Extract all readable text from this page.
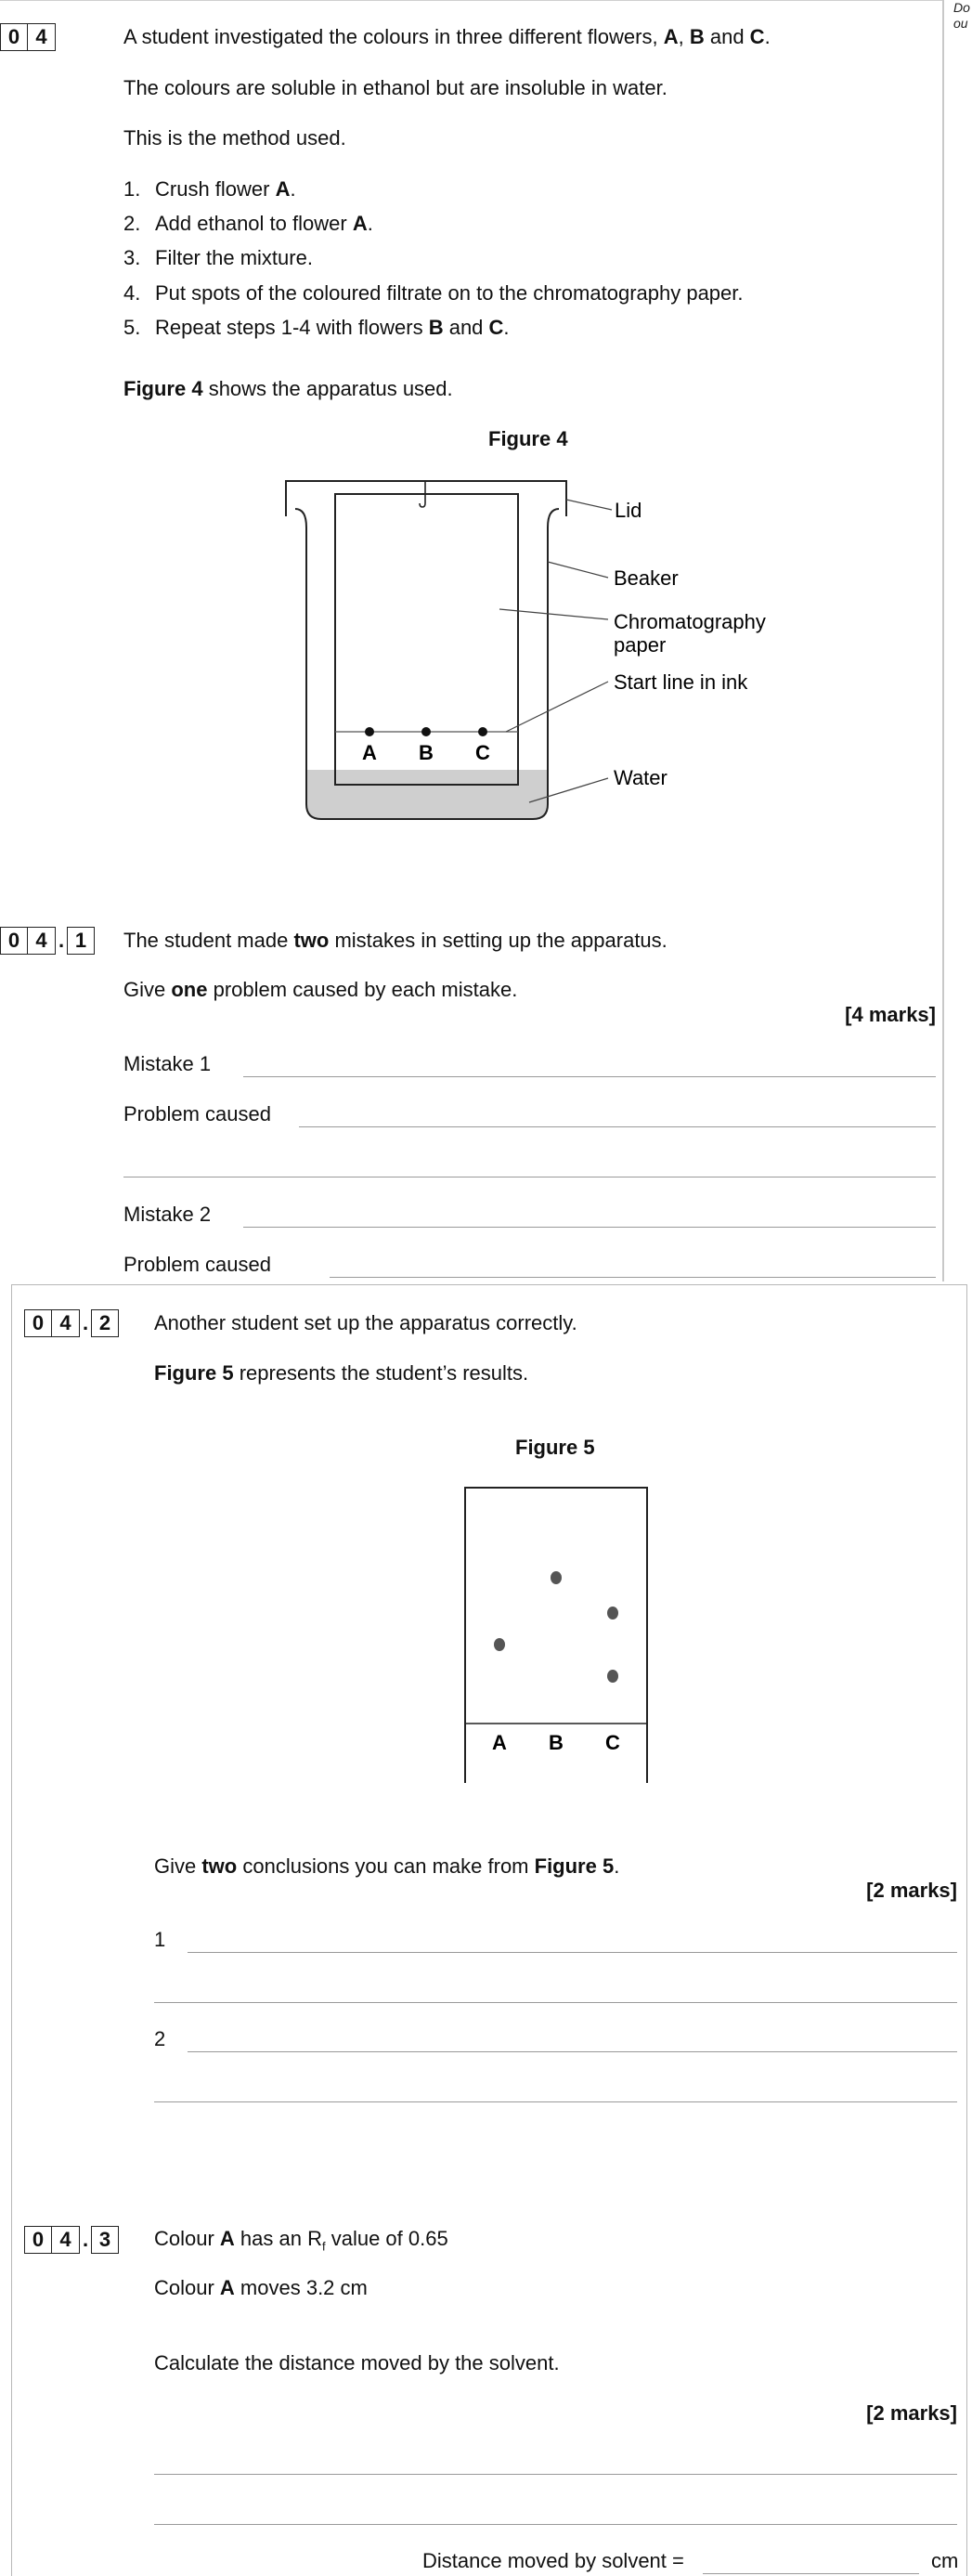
Do
ou
0 4	A student investigated the colours in three different flowers, A, B and C.
The colours are soluble in ethanol but are insoluble in water.
This is the method used.
1. Crush flower A.
2. Add ethanol to flower A.
3. Filter the mixture.
4. Put spots of the coloured filtrate on to the chromatography paper.
5. Repeat steps 1-4 with flowers B and C.
Figure 4 shows the apparatus used.
Figure 4
A B C
Lid
Beaker
Chromatography
paper
Start line in ink
Water
0 4 . 1	The student made two mistakes in setting up the apparatus.
Give one problem caused by each mistake.
[4 marks]
Mistake 1
Problem caused
Mistake 2
Problem caused
0 4 . 2	Another student set up the apparatus correctly.
Figure 5 represents the student’s results.
Figure 5
A B C
Give two conclusions you can make from Figure 5.
[2 marks]
1
2
0 4 . 3	Colour A has an $R_f$ value of 0.65
Colour A moves 3.2 cm
Calculate the distance moved by the solvent.
[2 marks]
Distance moved by solvent =	cm
